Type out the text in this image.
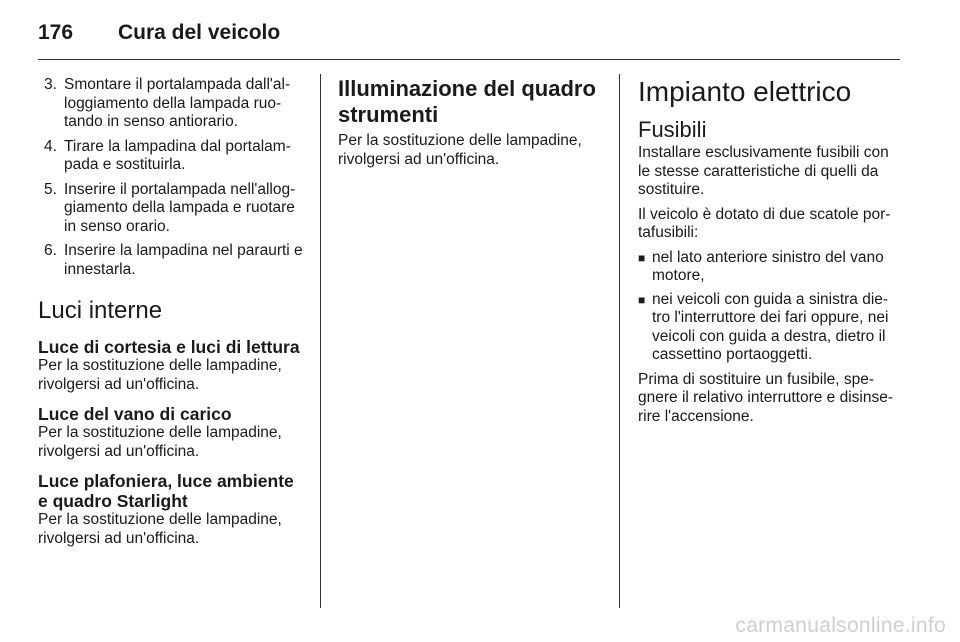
176	Cura del veicolo
3. Smontare il portalampada dall'al-loggiamento della lampada ruo-tando in senso antiorario.
4. Tirare la lampadina dal portalam-pada e sostituirla.
5. Inserire il portalampada nell'allog-giamento della lampada e ruotare in senso orario.
6. Inserire la lampadina nel paraurti e innestarla.
Luci interne
Luce di cortesia e luci di lettura

Per la sostituzione delle lampadine, rivolgersi ad un'officina.

Luce del vano di carico

Per la sostituzione delle lampadine, rivolgersi ad un'officina.

Luce plafoniera, luce ambiente e quadro Starlight

Per la sostituzione delle lampadine, rivolgersi ad un'officina.

Illuminazione del quadro strumenti

Per la sostituzione delle lampadine, rivolgersi ad un'officina.

Impianto elettrico
Fusibili

Installare esclusivamente fusibili con le stesse caratteristiche di quelli da sostituire.

Il veicolo è dotato di due scatole por-tafusibili:

■ nel lato anteriore sinistro del vano motore,
■ nei veicoli con guida a sinistra die-tro l'interruttore dei fari oppure, nei veicoli con guida a destra, dietro il cassettino portaoggetti.

Prima di sostituire un fusibile, spe-gnere il relativo interruttore e disinse-rire l'accensione.

carmanualsonline.info
